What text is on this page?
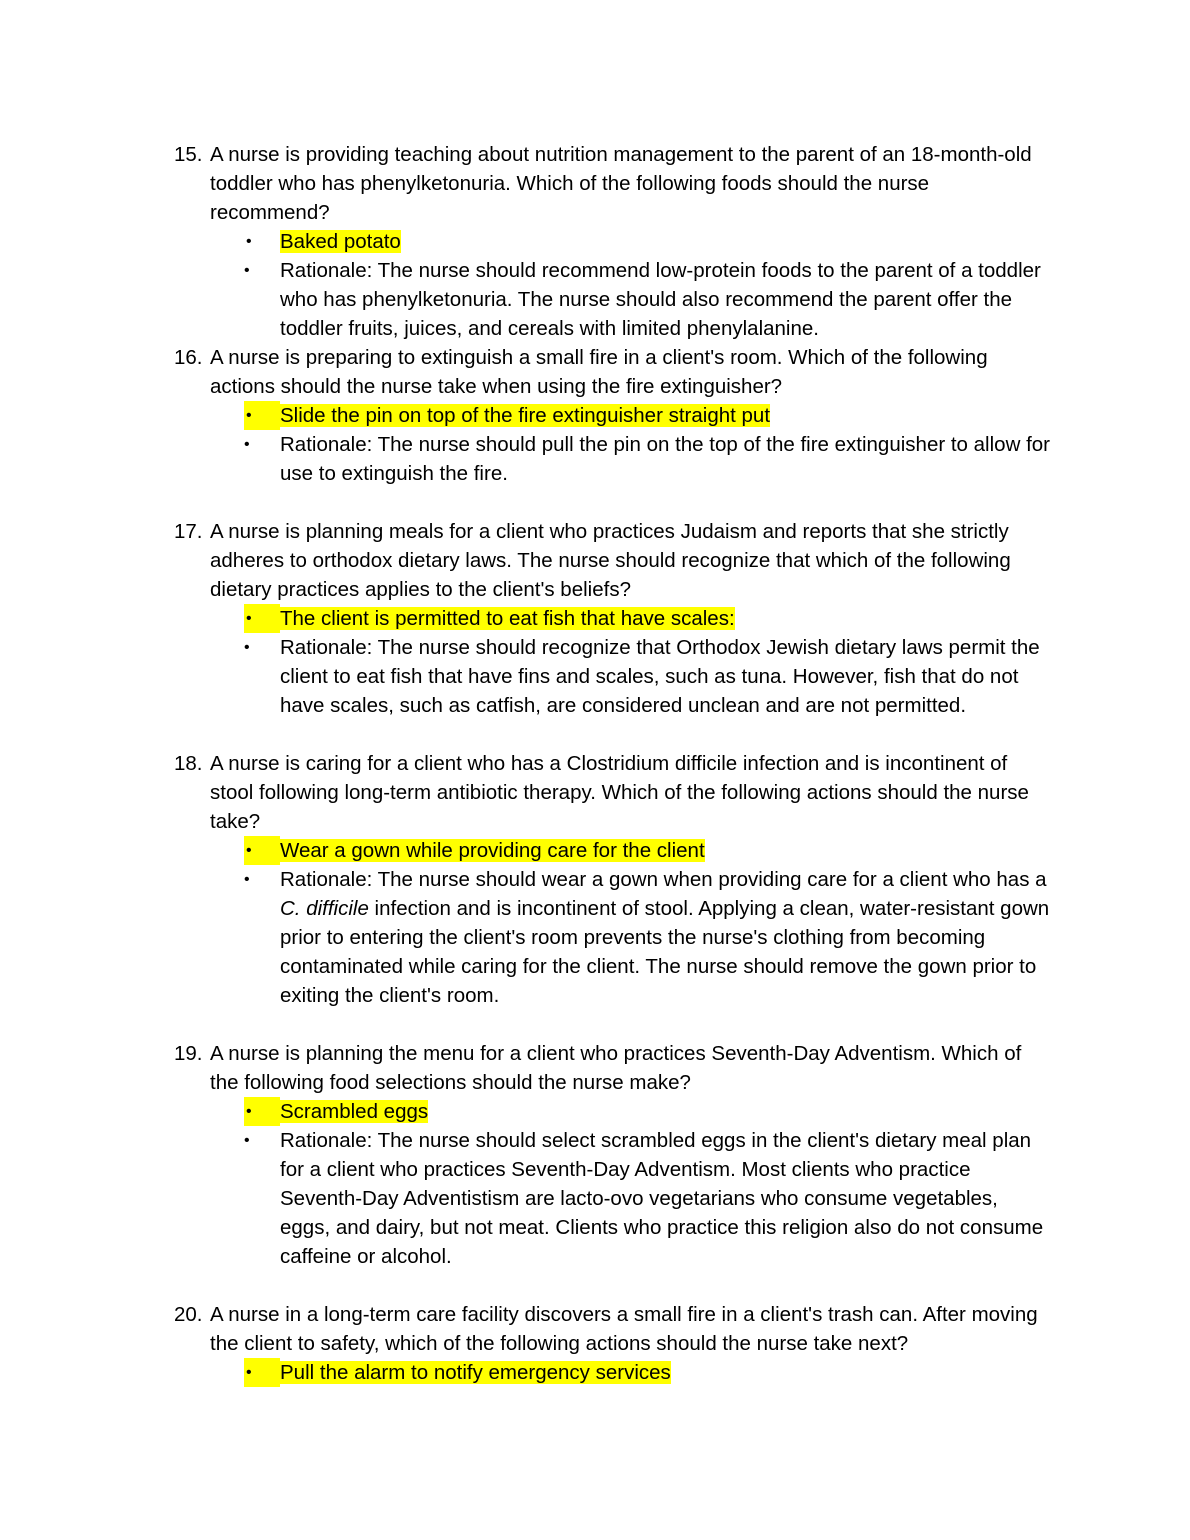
15. A nurse is providing teaching about nutrition management to the parent of an 18-month-old toddler who has phenylketonuria. Which of the following foods should the nurse recommend?
•	Baked potato
• Rationale: The nurse should recommend low-protein foods to the parent of a toddler who has phenylketonuria. The nurse should also recommend the parent offer the toddler fruits, juices, and cereals with limited phenylalanine.
16. A nurse is preparing to extinguish a small fire in a client's room. Which of the following actions should the nurse take when using the fire extinguisher?
•	Slide the pin on top of the fire extinguisher straight put
• Rationale: The nurse should pull the pin on the top of the fire extinguisher to allow for use to extinguish the fire.
17. A nurse is planning meals for a client who practices Judaism and reports that she strictly adheres to orthodox dietary laws. The nurse should recognize that which of the following dietary practices applies to the client's beliefs?
•	The client is permitted to eat fish that have scales:
• Rationale: The nurse should recognize that Orthodox Jewish dietary laws permit the client to eat fish that have fins and scales, such as tuna. However, fish that do not have scales, such as catfish, are considered unclean and are not permitted.
18. A nurse is caring for a client who has a Clostridium difficile infection and is incontinent of stool following long-term antibiotic therapy. Which of the following actions should the nurse take?
•	Wear a gown while providing care for the client
• Rationale: The nurse should wear a gown when providing care for a client who has a C. difficile infection and is incontinent of stool. Applying a clean, water-resistant gown prior to entering the client's room prevents the nurse's clothing from becoming contaminated while caring for the client. The nurse should remove the gown prior to exiting the client's room.
19. A nurse is planning the menu for a client who practices Seventh-Day Adventism. Which of the following food selections should the nurse make?
•	Scrambled eggs
• Rationale: The nurse should select scrambled eggs in the client's dietary meal plan for a client who practices Seventh-Day Adventism. Most clients who practice Seventh-Day Adventistism are lacto-ovo vegetarians who consume vegetables, eggs, and dairy, but not meat. Clients who practice this religion also do not consume caffeine or alcohol.
20. A nurse in a long-term care facility discovers a small fire in a client's trash can. After moving the client to safety, which of the following actions should the nurse take next?
•	Pull the alarm to notify emergency services
